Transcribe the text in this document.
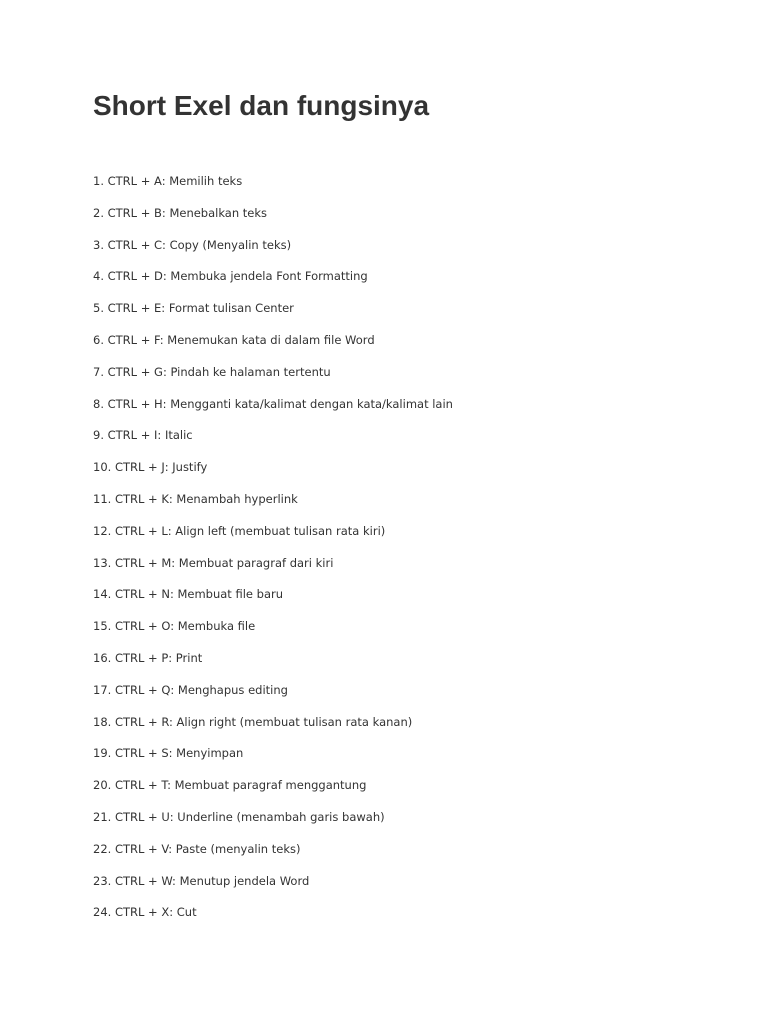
Short Exel dan fungsinya
1. CTRL + A: Memilih teks
2. CTRL + B: Menebalkan teks
3. CTRL + C: Copy (Menyalin teks)
4. CTRL + D: Membuka jendela Font Formatting
5. CTRL + E: Format tulisan Center
6. CTRL + F: Menemukan kata di dalam file Word
7. CTRL + G: Pindah ke halaman tertentu
8. CTRL + H: Mengganti kata/kalimat dengan kata/kalimat lain
9. CTRL + I: Italic
10. CTRL + J: Justify
11. CTRL + K: Menambah hyperlink
12. CTRL + L: Align left (membuat tulisan rata kiri)
13. CTRL + M: Membuat paragraf dari kiri
14. CTRL + N: Membuat file baru
15. CTRL + O: Membuka file
16. CTRL + P: Print
17. CTRL + Q: Menghapus editing
18. CTRL + R: Align right (membuat tulisan rata kanan)
19. CTRL + S: Menyimpan
20. CTRL + T: Membuat paragraf menggantung
21. CTRL + U: Underline (menambah garis bawah)
22. CTRL + V: Paste (menyalin teks)
23. CTRL + W: Menutup jendela Word
24. CTRL + X: Cut
